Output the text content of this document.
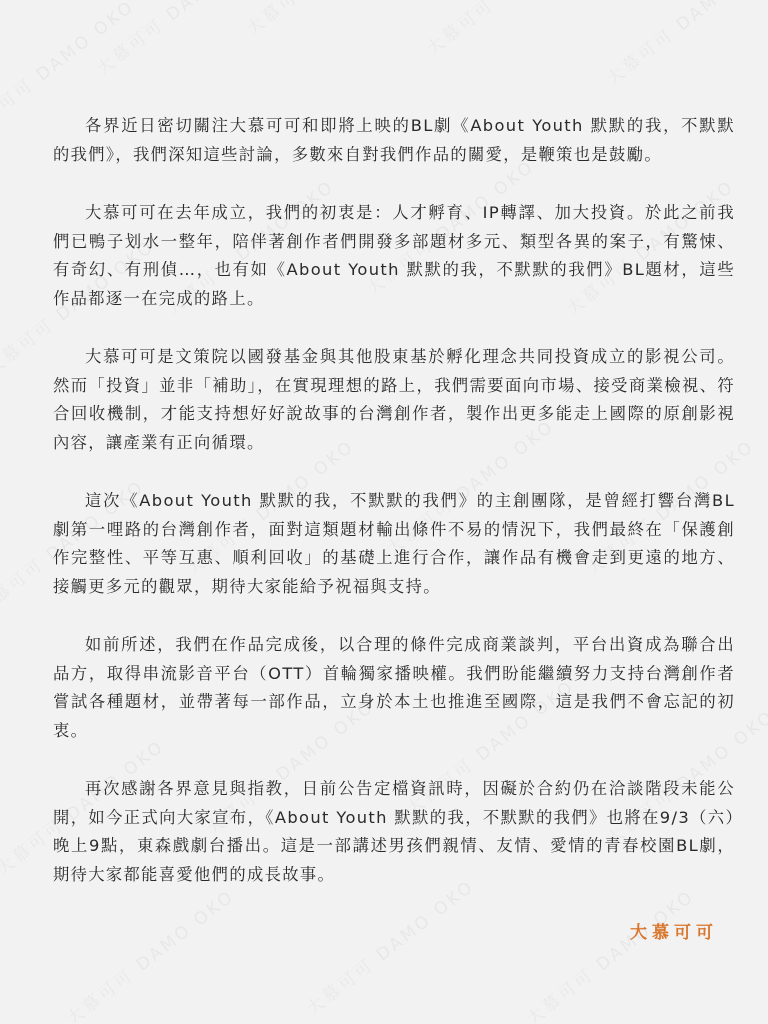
各界近日密切關注大慕可可和即將上映的BL劇《About Youth 默默的我，不默默的我們》，我們深知這些討論，多數來自對我們作品的關愛，是鞭策也是鼓勵。

大慕可可在去年成立，我們的初衷是：人才孵育、IP轉譯、加大投資。於此之前我們已鴨子划水一整年，陪伴著創作者們開發多部題材多元、類型各異的案子，有驚悚、有奇幻、有刑偵…，也有如《About Youth 默默的我，不默默的我們》BL題材，這些作品都逐一在完成的路上。

大慕可可是文策院以國發基金與其他股東基於孵化理念共同投資成立的影視公司。然而「投資」並非「補助」，在實現理想的路上，我們需要面向市場、接受商業檢視、符合回收機制，才能支持想好好說故事的台灣創作者，製作出更多能走上國際的原創影視內容，讓產業有正向循環。

這次《About Youth 默默的我，不默默的我們》的主創團隊，是曾經打響台灣BL劇第一哩路的台灣創作者，面對這類題材輸出條件不易的情況下，我們最終在「保護創作完整性、平等互惠、順利回收」的基礎上進行合作，讓作品有機會走到更遠的地方、接觸更多元的觀眾，期待大家能給予祝福與支持。

如前所述，我們在作品完成後，以合理的條件完成商業談判，平台出資成為聯合出品方，取得串流影音平台（OTT）首輪獨家播映權。我們盼能繼續努力支持台灣創作者嘗試各種題材，並帶著每一部作品，立身於本土也推進至國際，這是我們不會忘記的初衷。

再次感謝各界意見與指教，日前公告定檔資訊時，因礙於合約仍在洽談階段未能公開，如今正式向大家宣布，《About Youth 默默的我，不默默的我們》也將在9/3（六）晚上9點，東森戲劇台播出。這是一部講述男孩們親情、友情、愛情的青春校園BL劇，期待大家都能喜愛他們的成長故事。

大慕可可
